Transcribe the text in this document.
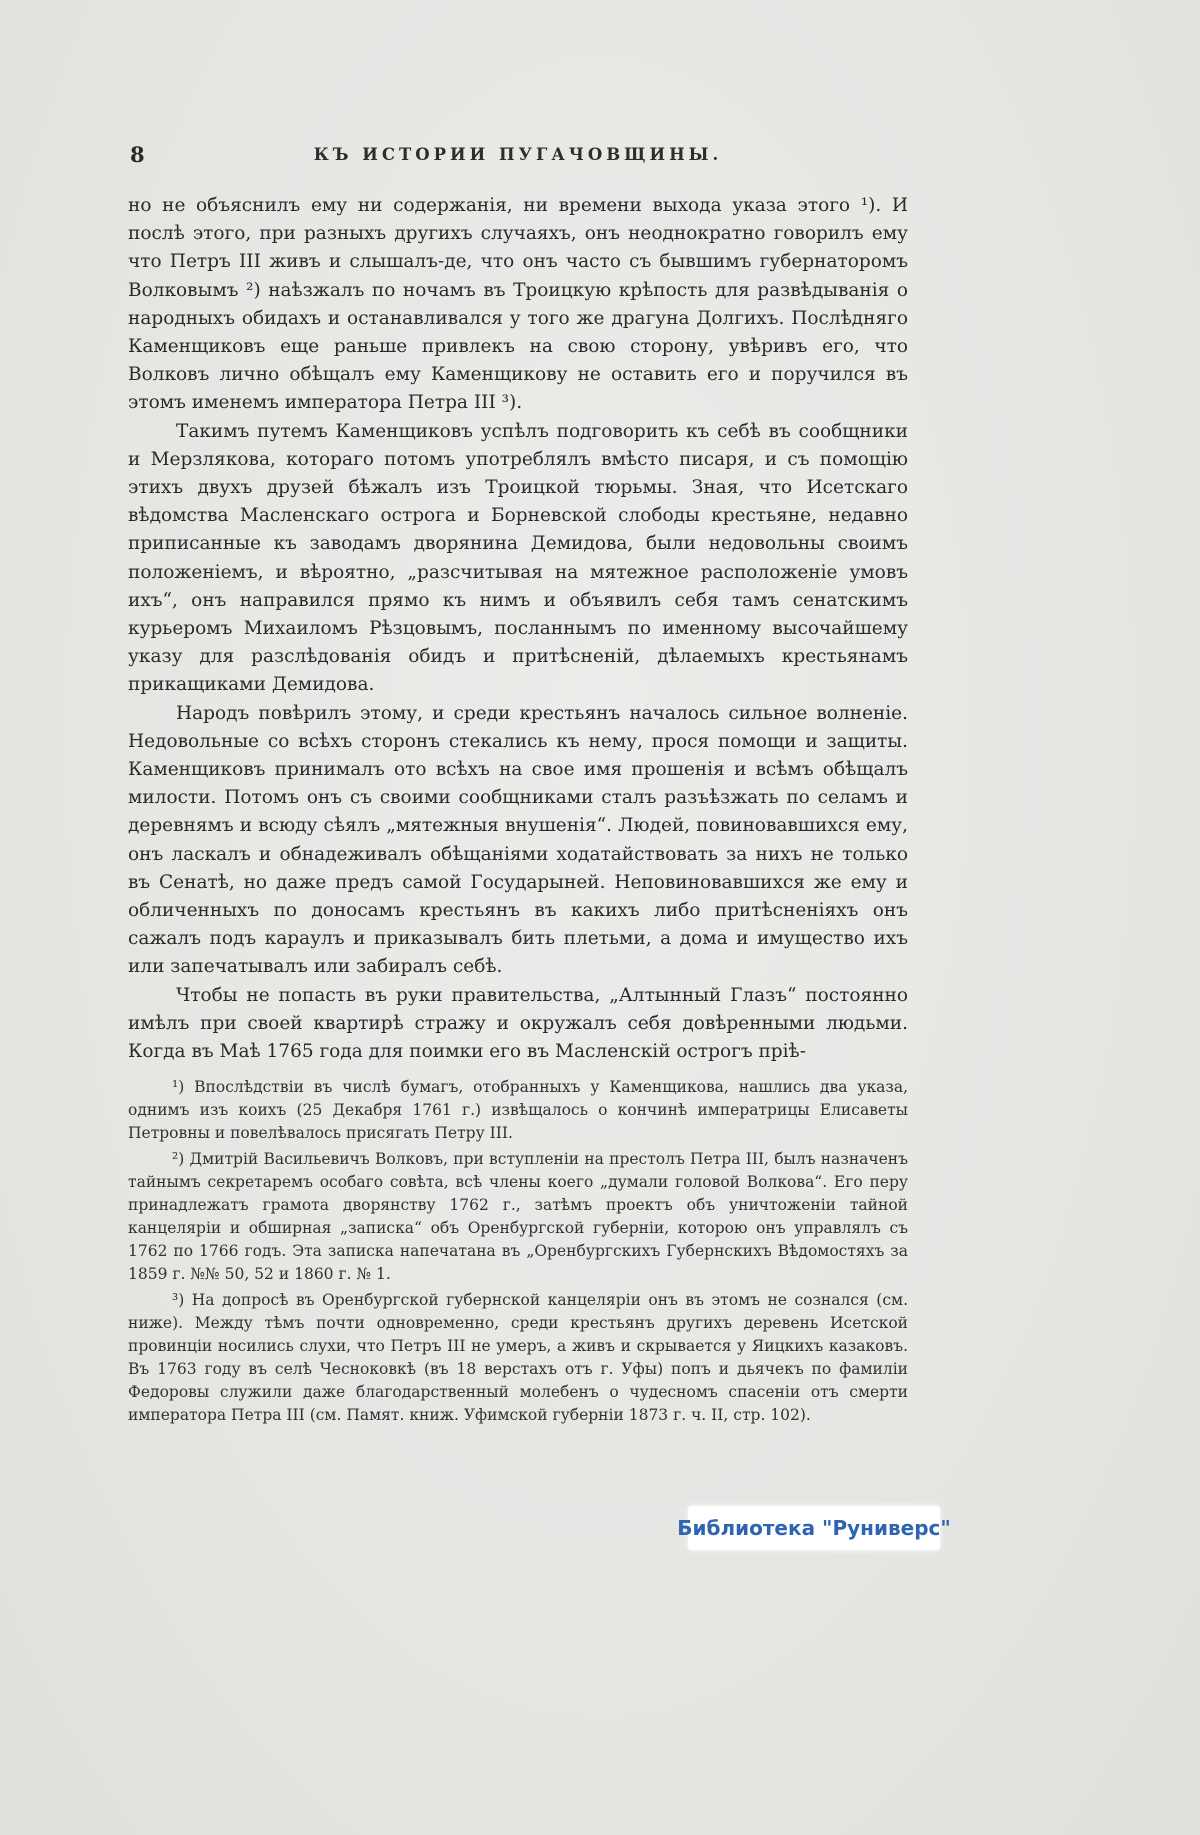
8	КЪ ИСТОРИИ ПУГАЧОВЩИНЫ.

но не объяснилъ ему ни содержанія, ни времени выхода указа этого ¹). И послѣ этого, при разныхъ другихъ случаяхъ, онъ неоднократно говорилъ ему что Петръ III живъ и слышалъ-де, что онъ часто съ бывшимъ губернаторомъ Волковымъ ²) наѣзжалъ по ночамъ въ Троицкую крѣпость для развѣдыванія о народныхъ обидахъ и останавливался у того же драгуна Долгихъ. Послѣдняго Каменщиковъ еще раньше привлекъ на свою сторону, увѣривъ его, что Волковъ лично обѣщалъ ему Каменщикову не оставить его и поручился въ этомъ именемъ императора Петра III ³).

Такимъ путемъ Каменщиковъ успѣлъ подговорить къ себѣ въ сообщники и Мерзлякова, котораго потомъ употреблялъ вмѣсто писаря, и съ помощію этихъ двухъ друзей бѣжалъ изъ Троицкой тюрьмы. Зная, что Исетскаго вѣдомства Масленскаго острога и Борневской слободы крестьяне, недавно приписанные къ заводамъ дворянина Демидова, были недовольны своимъ положеніемъ, и вѣроятно, „разсчитывая на мятежное расположеніе умовъ ихъ“, онъ направился прямо къ нимъ и объявилъ себя тамъ сенатскимъ курьеромъ Михаиломъ Рѣзцовымъ, посланнымъ по именному высочайшему указу для разслѣдованія обидъ и притѣсненій, дѣлаемыхъ крестьянамъ прикащиками Демидова.

Народъ повѣрилъ этому, и среди крестьянъ началось сильное волненіе. Недовольные со всѣхъ сторонъ стекались къ нему, прося помощи и защиты. Каменщиковъ принималъ ото всѣхъ на свое имя прошенія и всѣмъ обѣщалъ милости. Потомъ онъ съ своими сообщниками сталъ разъѣзжать по селамъ и деревнямъ и всюду сѣялъ „мятежныя внушенія“. Людей, повиновавшихся ему, онъ ласкалъ и обнадеживалъ обѣщаніями ходатайствовать за нихъ не только въ Сенатѣ, но даже предъ самой Государыней. Неповиновавшихся же ему и обличенныхъ по доносамъ крестьянъ въ какихъ либо притѣсненіяхъ онъ сажалъ подъ караулъ и приказывалъ бить плетьми, а дома и имущество ихъ или запечатывалъ или забиралъ себѣ.

Чтобы не попасть въ руки правительства, „Алтынный Глазъ“ постоянно имѣлъ при своей квартирѣ стражу и окружалъ себя довѣренными людьми. Когда въ Маѣ 1765 года для поимки его въ Масленскій острогъ пріѣ-

¹) Впослѣдствіи въ числѣ бумагъ, отобранныхъ у Каменщикова, нашлись два указа, однимъ изъ коихъ (25 Декабря 1761 г.) извѣщалось о кончинѣ императрицы Елисаветы Петровны и повелѣвалось присягать Петру III.

²) Дмитрій Васильевичъ Волковъ, при вступленіи на престолъ Петра III, былъ назначенъ тайнымъ секретаремъ особаго совѣта, всѣ члены коего „думали головой Волкова“. Его перу принадлежатъ грамота дворянству 1762 г., затѣмъ проектъ объ уничтоженіи тайной канцеляріи и обширная „записка“ объ Оренбургской губерніи, которою онъ управлялъ съ 1762 по 1766 годъ. Эта записка напечатана въ „Оренбургскихъ Губернскихъ Вѣдомостяхъ за 1859 г. №№ 50, 52 и 1860 г. № 1.

³) На допросѣ въ Оренбургской губернской канцеляріи онъ въ этомъ не сознался (см. ниже). Между тѣмъ почти одновременно, среди крестьянъ другихъ деревень Исетской провинціи носились слухи, что Петръ III не умеръ, а живъ и скрывается у Яицкихъ казаковъ. Въ 1763 году въ селѣ Чесноковкѣ (въ 18 верстахъ отъ г. Уфы) попъ и дьячекъ по фамиліи Федоровы служили даже благодарственный молебенъ о чудесномъ спасеніи отъ смерти императора Петра III (см. Памят. книж. Уфимской губерніи 1873 г. ч. II, стр. 102).

Библиотека "Руниверс"
